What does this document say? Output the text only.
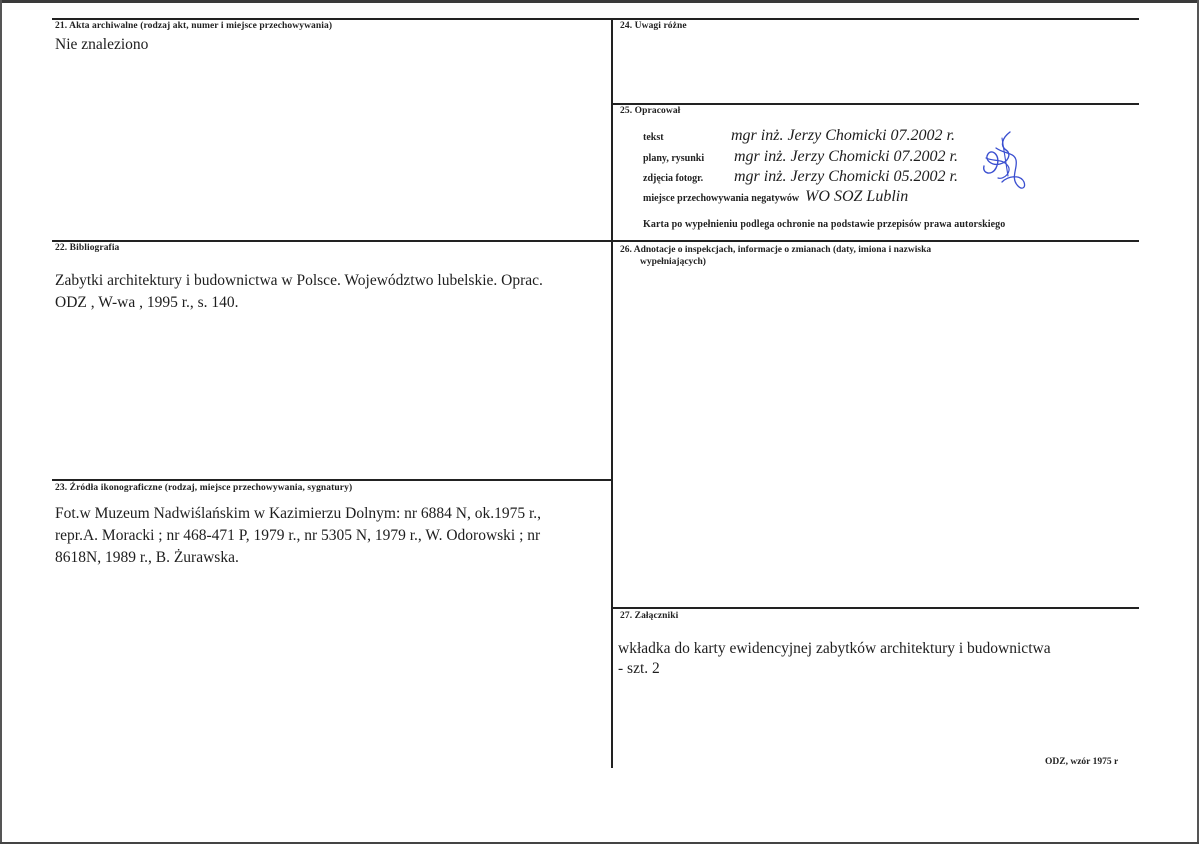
21. Akta archiwalne (rodzaj akt, numer i miejsce przechowywania)
Nie znaleziono
22. Bibliografia
Zabytki architektury i budownictwa w Polsce. Województwo lubelskie. Oprac.
ODZ , W-wa , 1995 r., s. 140.
23. Źródła ikonograficzne (rodzaj, miejsce przechowywania, sygnatury)
Fot.w Muzeum Nadwiślańskim w Kazimierzu Dolnym: nr 6884 N, ok.1975 r.,
repr.A. Moracki ; nr 468-471 P, 1979 r., nr 5305 N, 1979 r., W. Odorowski ; nr
8618N, 1989 r., B. Żurawska.
24. Uwagi różne
25. Opracował
tekst	mgr inż. Jerzy Chomicki 07.2002 r.
plany, rysunki mgr inż. Jerzy Chomicki 07.2002 r.
zdjęcia fotogr. mgr inż. Jerzy Chomicki 05.2002 r.
miejsce przechowywania negatywów WO SOZ Lublin
Karta po wypełnieniu podlega ochronie na podstawie przepisów prawa autorskiego
26. Adnotacje o inspekcjach, informacje o zmianach (daty, imiona i nazwiska
wypełniających)
27. Załączniki
wkładka do karty ewidencyjnej zabytków architektury i budownictwa
- szt. 2
ODZ, wzór 1975 r
